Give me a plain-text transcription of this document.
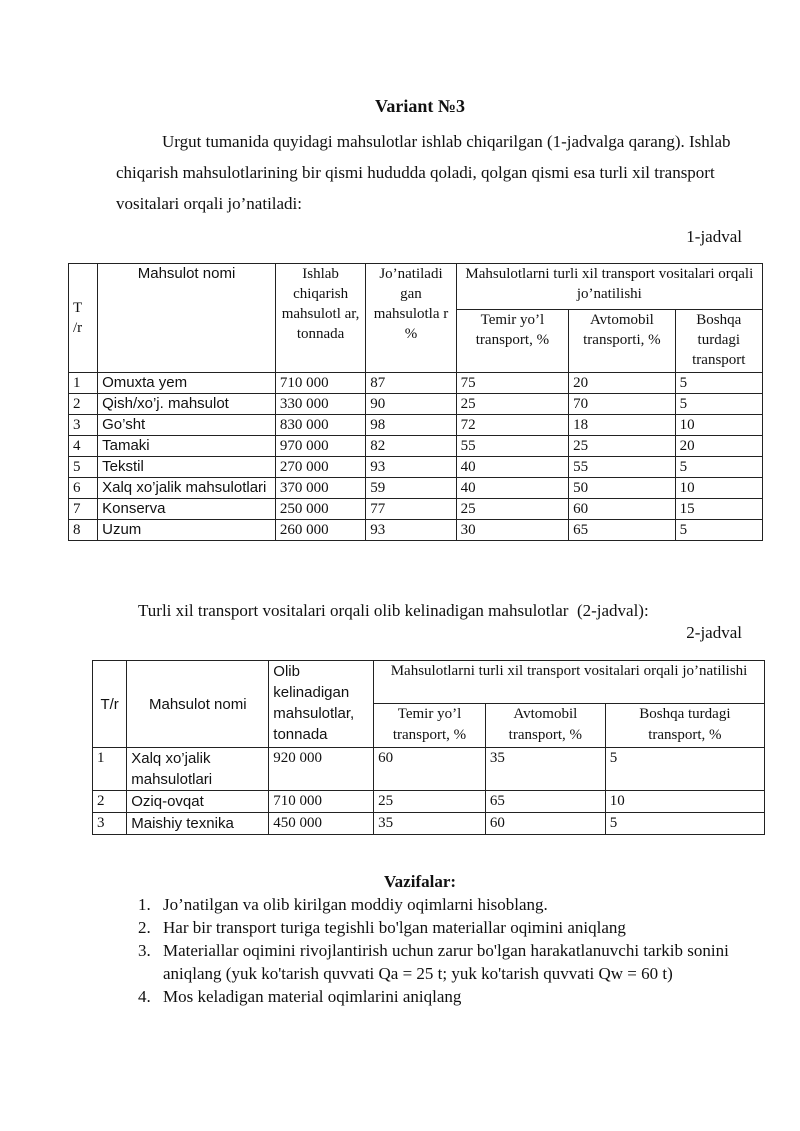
Variant №3

Urgut tumanida quyidagi mahsulotlar ishlab chiqarilgan (1-jadvalga qarang). Ishlab chiqarish mahsulotlarining bir qismi hududda qoladi, qolgan qismi esa turli xil transport vositalari orqali jo’natiladi:

1-jadval
T /r	Mahsulot nomi	Ishlab chiqarish mahsulotl ar, tonnada	Jo’natiladi gan mahsulotla r %	Mahsulotlarni turli xil transport vositalari orqali jo’natilishi		
				Temir yo’l transport, %	Avtomobil transporti, %	Boshqa turdagi transport
1	Omuxta yem	710 000	87	75	20	5
2	Qish/xo’j. mahsulot	330 000	90	25	70	5
3	Go’sht	830 000	98	72	18	10
4	Tamaki	970 000	82	55	25	20
5	Tekstil	270 000	93	40	55	5
6	Xalq xo’jalik mahsulotlari	370 000	59	40	50	10
7	Konserva	250 000	77	25	60	15
8	Uzum	260 000	93	30	65	5

Turli xil transport vositalari orqali olib kelinadigan mahsulotlar  (2-jadval):

2-jadval
T/r	Mahsulot nomi	Olib kelinadigan mahsulotlar, tonnada	Mahsulotlarni turli xil transport vositalari orqali jo’natilishi		
			Temir yo’l transport, %	Avtomobil transport, %	Boshqa turdagi transport, %
1	Xalq xo’jalik mahsulotlari	920 000	60	35	5
2	Oziq-ovqat	710 000	25	65	10
3	Maishiy texnika	450 000	35	60	5
Vazifalar:
1. Jo’natilgan va olib kirilgan moddiy oqimlarni hisoblang.
2. Har bir transport turiga tegishli bo'lgan materiallar oqimini aniqlang
3. Materiallar oqimini rivojlantirish uchun zarur bo'lgan harakatlanuvchi tarkib sonini aniqlang (yuk ko'tarish quvvati Qa = 25 t; yuk ko'tarish quvvati Qw = 60 t)
4. Mos keladigan material oqimlarini aniqlang
